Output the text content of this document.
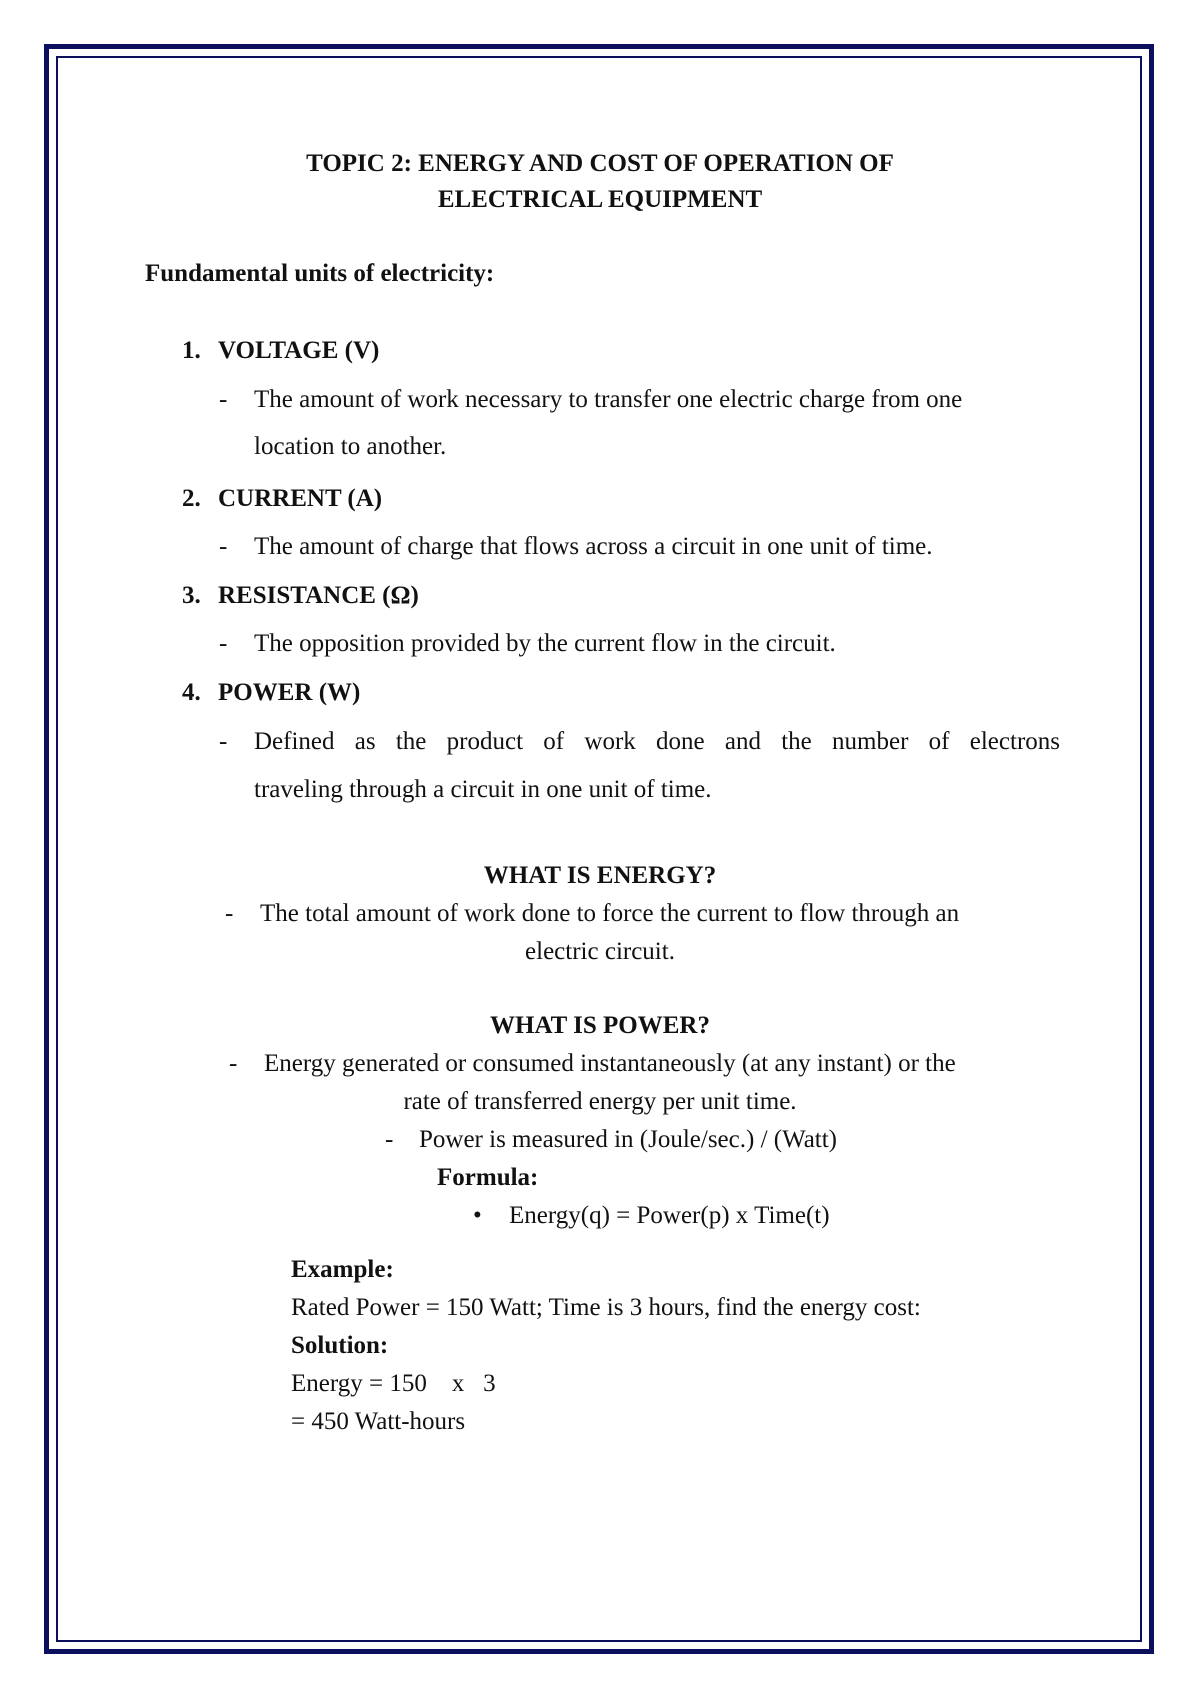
TOPIC 2: ENERGY AND COST OF OPERATION OF
ELECTRICAL EQUIPMENT
Fundamental units of electricity:
1. VOLTAGE (V)
- The amount of work necessary to transfer one electric charge from one
location to another.
2. CURRENT (A)
- The amount of charge that flows across a circuit in one unit of time.
3. RESISTANCE (Ω)
- The opposition provided by the current flow in the circuit.
4. POWER (W)
- Defined as the product of work done and the number of electrons
traveling through a circuit in one unit of time.
WHAT IS ENERGY?
- The total amount of work done to force the current to flow through an
electric circuit.
WHAT IS POWER?
- Energy generated or consumed instantaneously (at any instant) or the
rate of transferred energy per unit time.
- Power is measured in (Joule/sec.) / (Watt)
Formula:
• Energy(q) = Power(p) x Time(t)
Example:
Rated Power = 150 Watt; Time is 3 hours, find the energy cost:
Solution:
Energy = 150    x   3
= 450 Watt-hours
